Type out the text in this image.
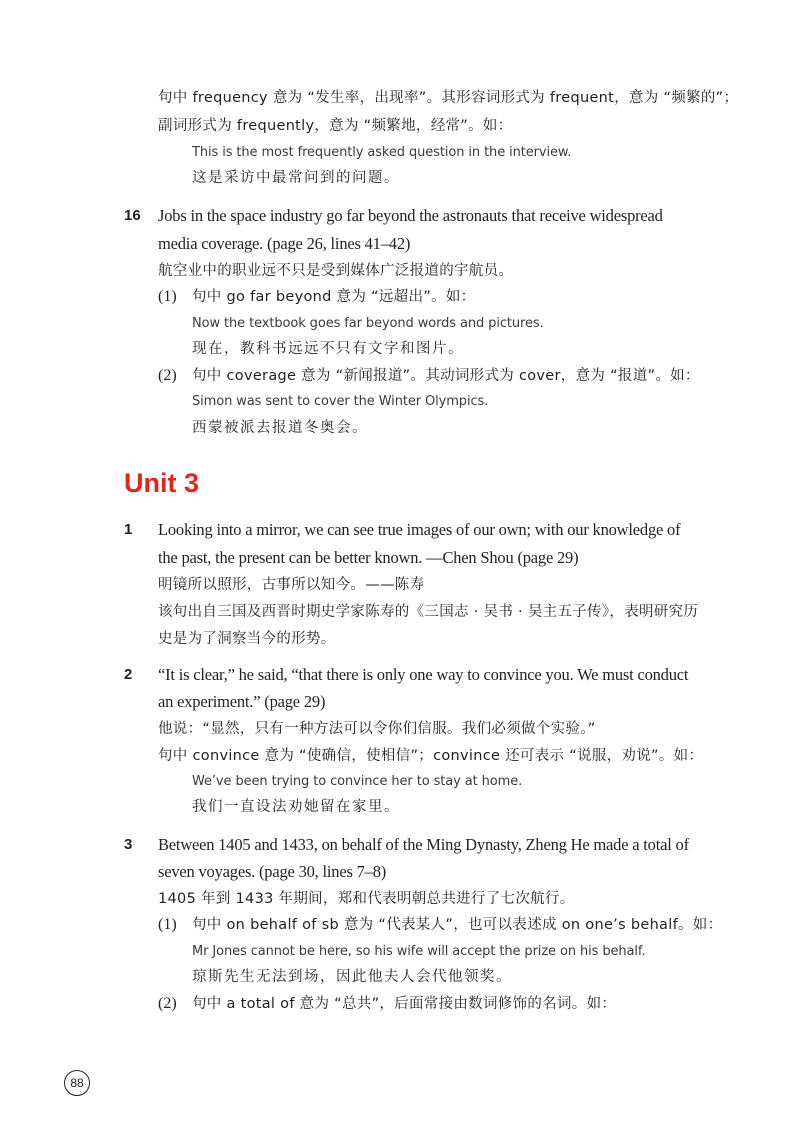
句中 frequency 意为 “发生率，出现率”。其形容词形式为 frequent，意为 “频繁的”；
副词形式为 frequently，意为 “频繁地，经常”。如：
This is the most frequently asked question in the interview.
这是采访中最常问到的问题。
16 Jobs in the space industry go far beyond the astronauts that receive widespread
media coverage. (page 26, lines 41–42)
航空业中的职业远不只是受到媒体广泛报道的宇航员。
(1) 句中 go far beyond 意为 “远超出”。如：
Now the textbook goes far beyond words and pictures.
现在，教科书远远不只有文字和图片。
(2) 句中 coverage 意为 “新闻报道”。其动词形式为 cover，意为 “报道”。如：
Simon was sent to cover the Winter Olympics.
西蒙被派去报道冬奥会。
Unit 3
1 Looking into a mirror, we can see true images of our own; with our knowledge of
the past, the present can be better known. —Chen Shou (page 29)
明镜所以照形，古事所以知今。——陈寿
该句出自三国及西晋时期史学家陈寿的《三国志 · 吴书 · 吴主五子传》，表明研究历
史是为了洞察当今的形势。
2 “It is clear,” he said, “that there is only one way to convince you. We must conduct
an experiment.” (page 29)
他说：“显然，只有一种方法可以令你们信服。我们必须做个实验。”
句中 convince 意为 “使确信，使相信”；convince 还可表示 “说服，劝说”。如：
We’ve been trying to convince her to stay at home.
我们一直设法劝她留在家里。
3 Between 1405 and 1433, on behalf of the Ming Dynasty, Zheng He made a total of
seven voyages. (page 30, lines 7–8)
1405 年到 1433 年期间，郑和代表明朝总共进行了七次航行。
(1) 句中 on behalf of sb 意为 “代表某人”，也可以表述成 on one’s behalf。如：
Mr Jones cannot be here, so his wife will accept the prize on his behalf.
琼斯先生无法到场，因此他夫人会代他领奖。
(2) 句中 a total of 意为 “总共”，后面常接由数词修饰的名词。如：
88
